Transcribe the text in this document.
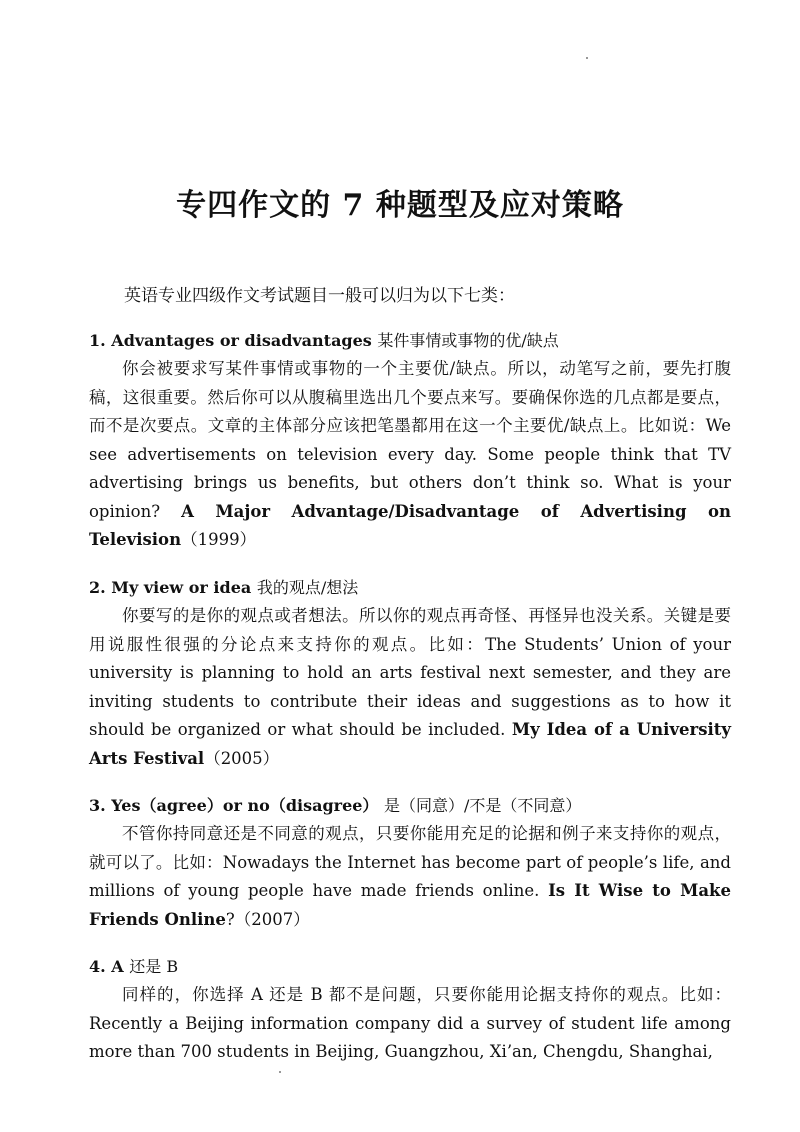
专四作文的 7 种题型及应对策略
英语专业四级作文考试题目一般可以归为以下七类：
1. Advantages or disadvantages 某件事情或事物的优/缺点

你会被要求写某件事情或事物的一个主要优/缺点。所以，动笔写之前，要先打腹稿，这很重要。然后你可以从腹稿里选出几个要点来写。要确保你选的几点都是要点，而不是次要点。文章的主体部分应该把笔墨都用在这一个主要优/缺点上。比如说：We see advertisements on television every day. Some people think that TV advertising brings us benefits, but others don’t think so. What is your opinion? A Major Advantage/Disadvantage of Advertising on Television（1999）

2. My view or idea 我的观点/想法

你要写的是你的观点或者想法。所以你的观点再奇怪、再怪异也没关系。关键是要用说服性很强的分论点来支持你的观点。比如：The Students’ Union of your university is planning to hold an arts festival next semester, and they are inviting students to contribute their ideas and suggestions as to how it should be organized or what should be included. My Idea of a University Arts Festival（2005）

3. Yes（agree）or no（disagree） 是（同意）/不是（不同意）

不管你持同意还是不同意的观点，只要你能用充足的论据和例子来支持你的观点，就可以了。比如：Nowadays the Internet has become part of people’s life, and millions of young people have made friends online. Is It Wise to Make Friends Online?（2007）

4. A 还是 B

同样的，你选择 A 还是 B 都不是问题，只要你能用论据支持你的观点。比如：Recently a Beijing information company did a survey of student life among more than 700 students in Beijing, Guangzhou, Xi’an, Chengdu, Shanghai,
